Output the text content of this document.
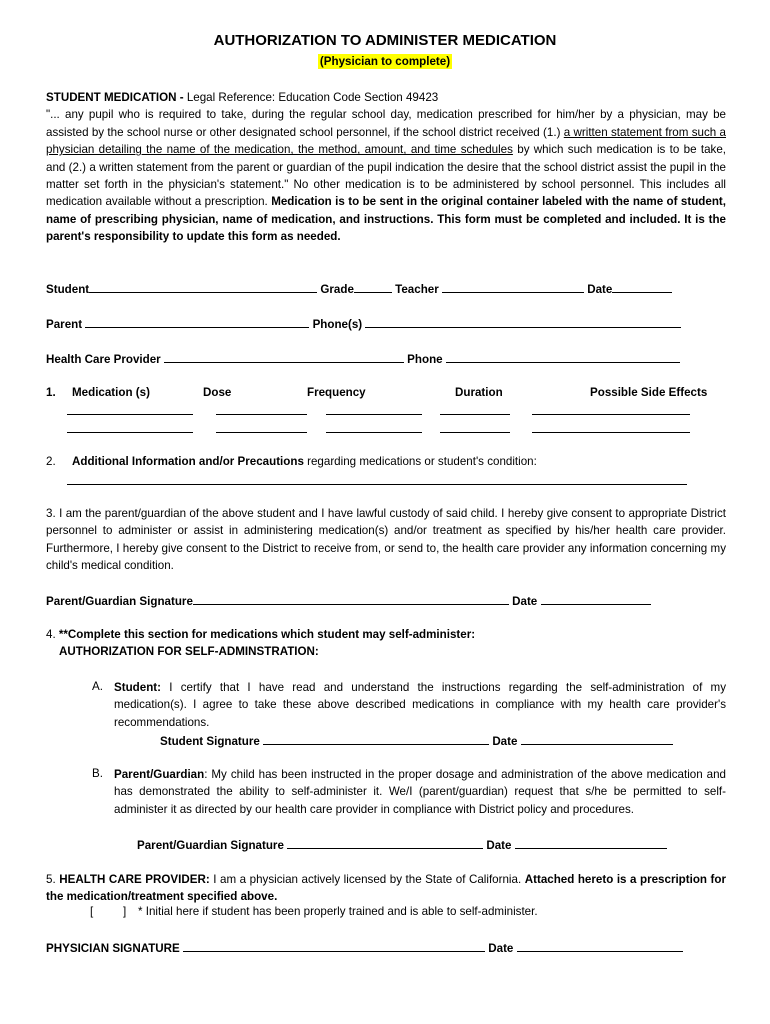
AUTHORIZATION TO ADMINISTER MEDICATION
(Physician to complete)
STUDENT MEDICATION - Legal Reference: Education Code Section 49423
"... any pupil who is required to take, during the regular school day, medication prescribed for him/her by a physician, may be assisted by the school nurse or other designated school personnel, if the school district received (1.) a written statement from such a physician detailing the name of the medication, the method, amount, and time schedules by which such medication is to be take, and (2.) a written statement from the parent or guardian of the pupil indication the desire that the school district assist the pupil in the matter set forth in the physician's statement." No other medication is to be administered by school personnel. This includes all medication available without a prescription. Medication is to be sent in the original container labeled with the name of student, name of prescribing physician, name of medication, and instructions. This form must be completed and included. It is the parent's responsibility to update this form as needed.
Student	Grade	Teacher	Date
Parent	Phone(s)
Health Care Provider	Phone
1. Medication (s)	Dose	Frequency	Duration	Possible Side Effects
2. Additional Information and/or Precautions regarding medications or student's condition:
3. I am the parent/guardian of the above student and I have lawful custody of said child. I hereby give consent to appropriate District personnel to administer or assist in administering medication(s) and/or treatment as specified by his/her health care provider. Furthermore, I hereby give consent to the District to receive from, or send to, the health care provider any information concerning my child's medical condition.
Parent/Guardian Signature	Date
4. **Complete this section for medications which student may self-administer:
AUTHORIZATION FOR SELF-ADMINSTRATION:
A. Student: I certify that I have read and understand the instructions regarding the self-administration of my medication(s). I agree to take these above described medications in compliance with my health care provider's recommendations.
Student Signature	Date
B. Parent/Guardian: My child has been instructed in the proper dosage and administration of the above medication and has demonstrated the ability to self-administer it. We/I (parent/guardian) request that s/he be permitted to self-administer it as directed by our health care provider in compliance with District policy and procedures.
Parent/Guardian Signature	Date
5. HEALTH CARE PROVIDER: I am a physician actively licensed by the State of California. Attached hereto is a prescription for the medication/treatment specified above.
[	] * Initial here if student has been properly trained and is able to self-administer.
PHYSICIAN SIGNATURE	Date
